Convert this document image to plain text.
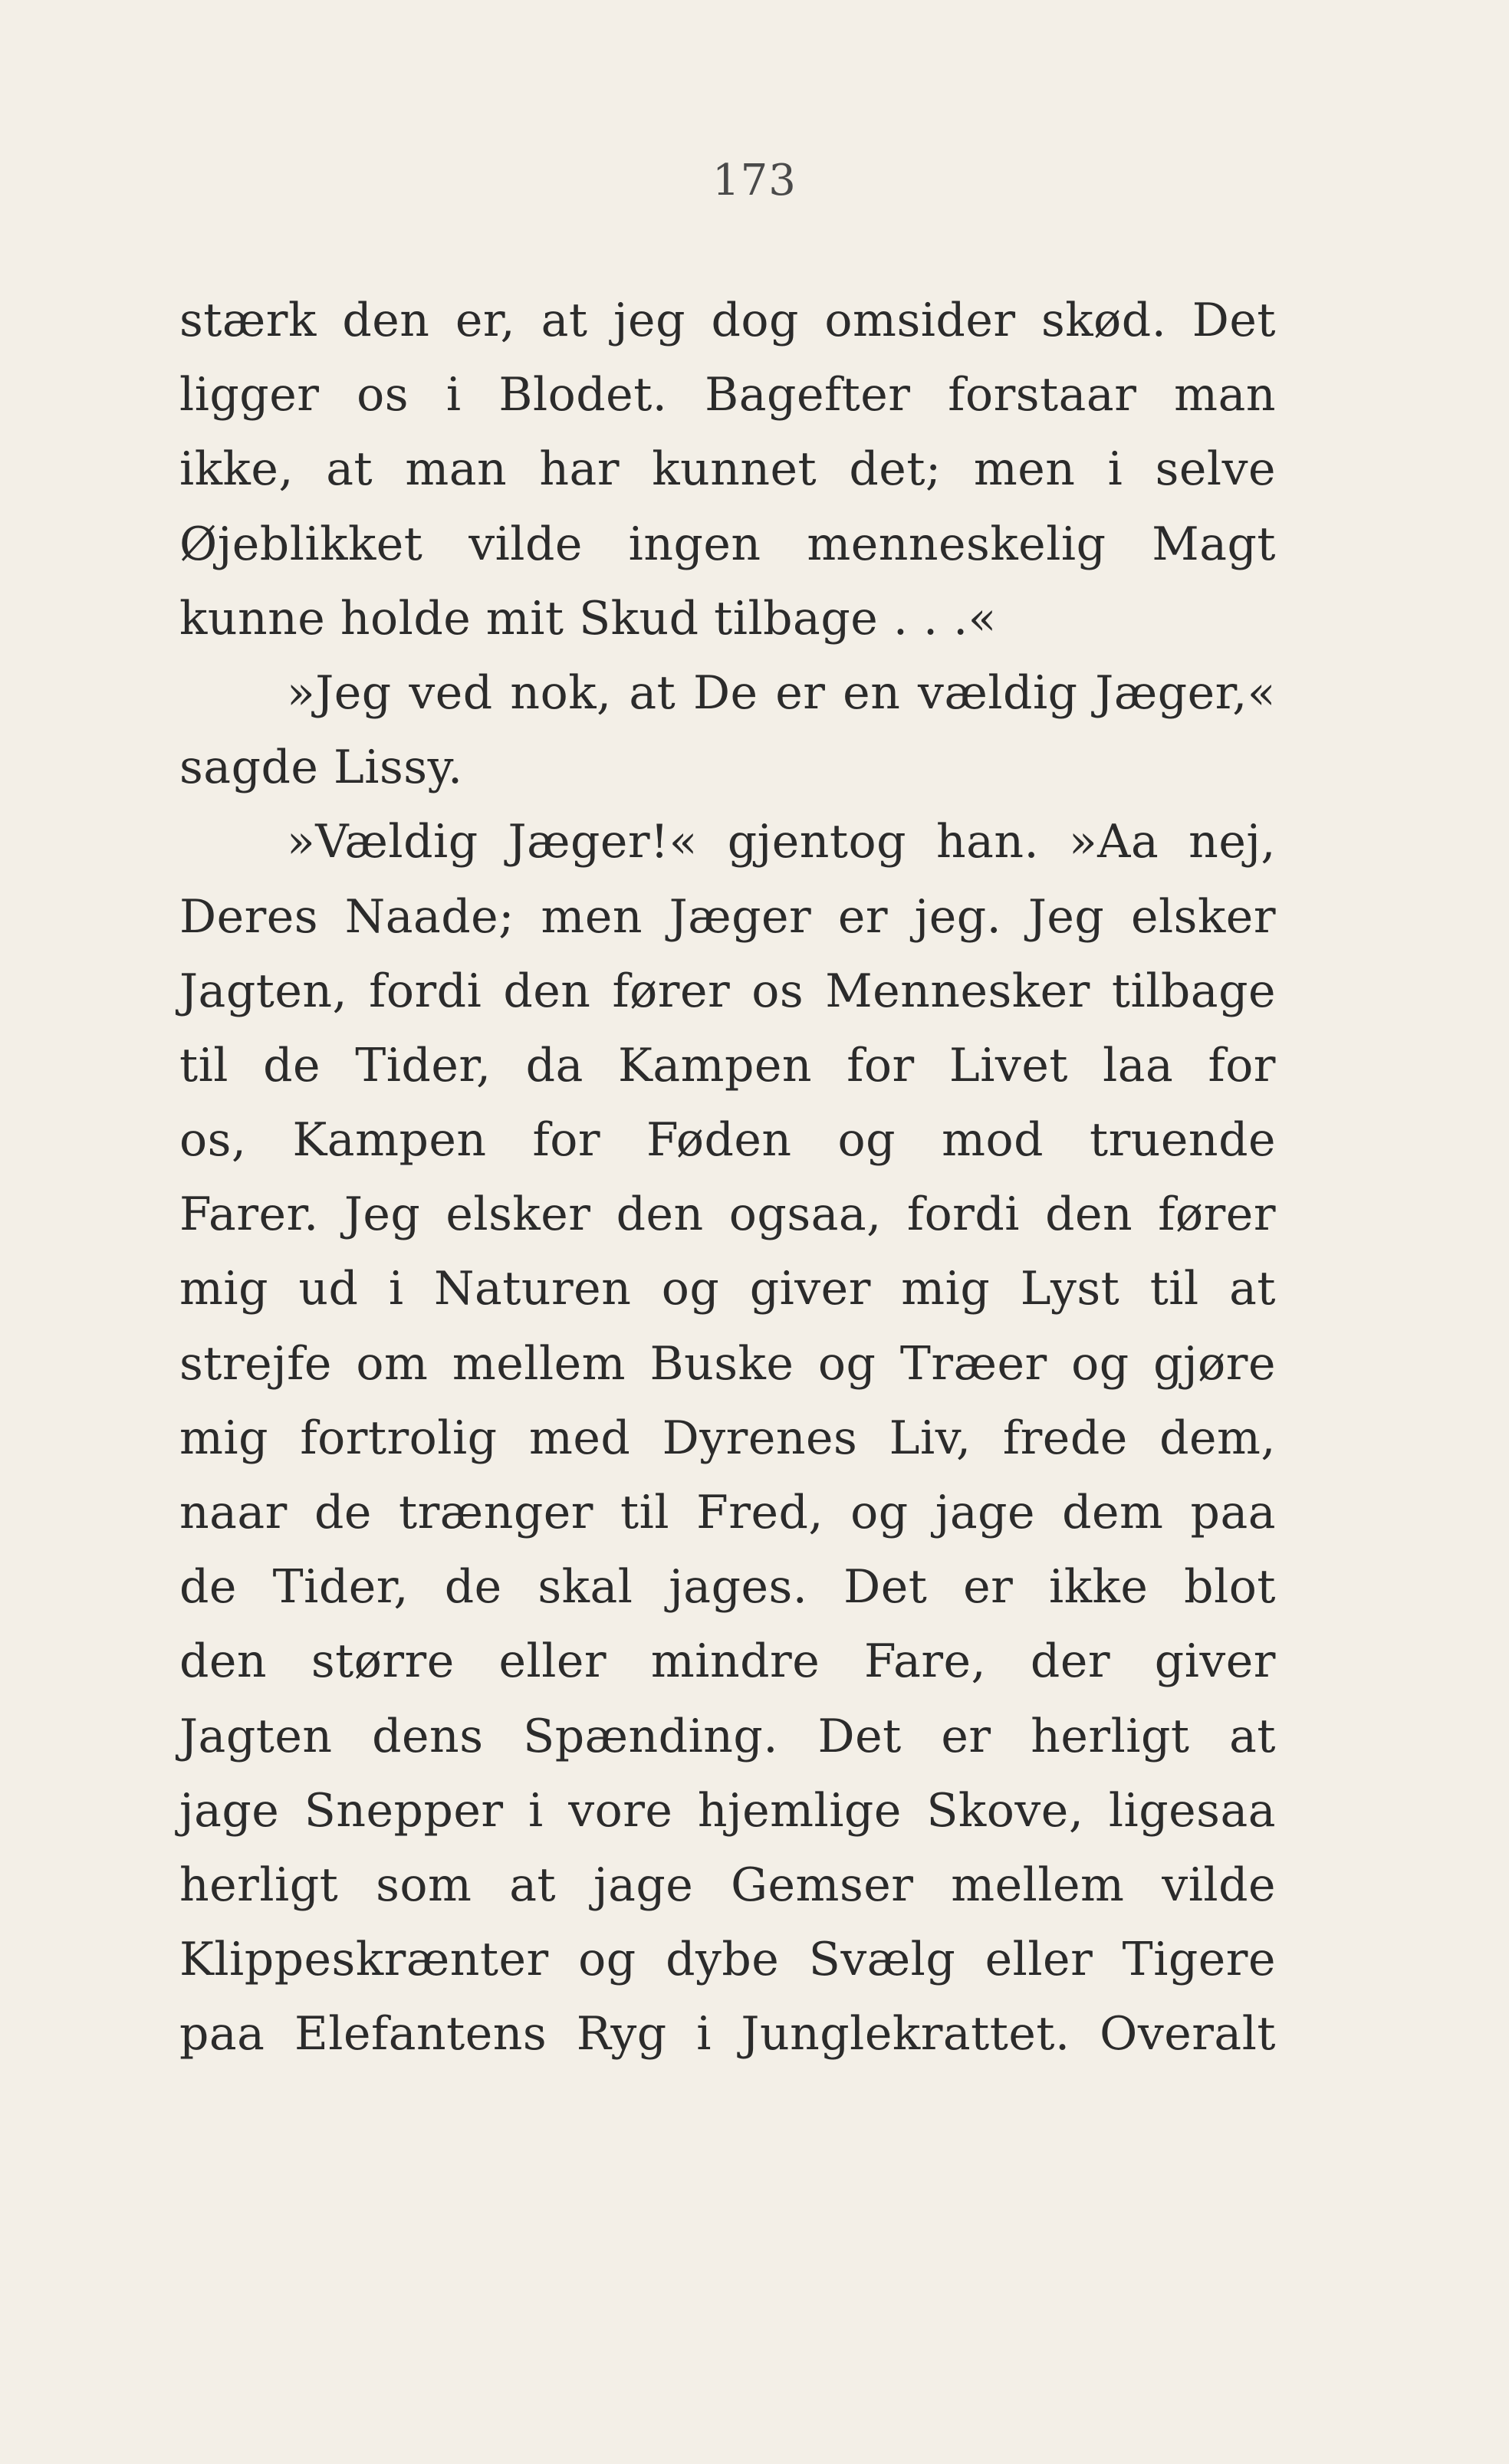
173
stærk den er, at jeg dog omsider skød. Det
ligger os i Blodet. Bagefter forstaar man
ikke, at man har kunnet det; men i selve
Øjeblikket vilde ingen menneskelig Magt
kunne holde mit Skud tilbage . . .«
»Jeg ved nok, at De er en vældig Jæger,«
sagde Lissy.
»Vældig Jæger!« gjentog han. »Aa nej,
Deres Naade; men Jæger er jeg. Jeg elsker
Jagten, fordi den fører os Mennesker tilbage
til de Tider, da Kampen for Livet laa for
os, Kampen for Føden og mod truende
Farer. Jeg elsker den ogsaa, fordi den fører
mig ud i Naturen og giver mig Lyst til at
strejfe om mellem Buske og Træer og gjøre
mig fortrolig med Dyrenes Liv, frede dem,
naar de trænger til Fred, og jage dem paa
de Tider, de skal jages. Det er ikke blot
den større eller mindre Fare, der giver
Jagten dens Spænding. Det er herligt at
jage Snepper i vore hjemlige Skove, ligesaa
herligt som at jage Gemser mellem vilde
Klippeskrænter og dybe Svælg eller Tigere
paa Elefantens Ryg i Junglekrattet. Overalt
